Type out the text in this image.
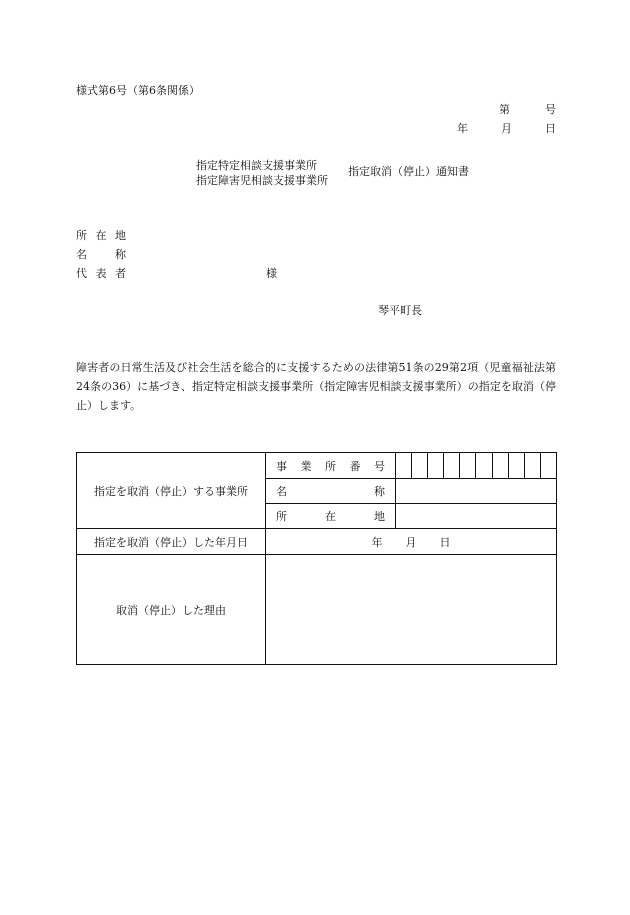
様式第6号（第6条関係）
第	号
年	月	日
指定特定相談支援事業所
指定障害児相談支援事業所
指定取消（停止）通知書
所 在 地
名	称
代 表 者	様
琴平町長
障害者の日常生活及び社会生活を総合的に支援するための法律第51条の29第2項（児童福祉法第24条の36）に基づき、指定特定相談支援事業所（指定障害児相談支援事業所）の指定を取消（停止）します。
指定を取消（停止）する事業所	事 業 所 番 号	

	名 称	

	所 在 地	

指定を取消（停止）した年月日	年 月 日	
取消（停止）した理由		
